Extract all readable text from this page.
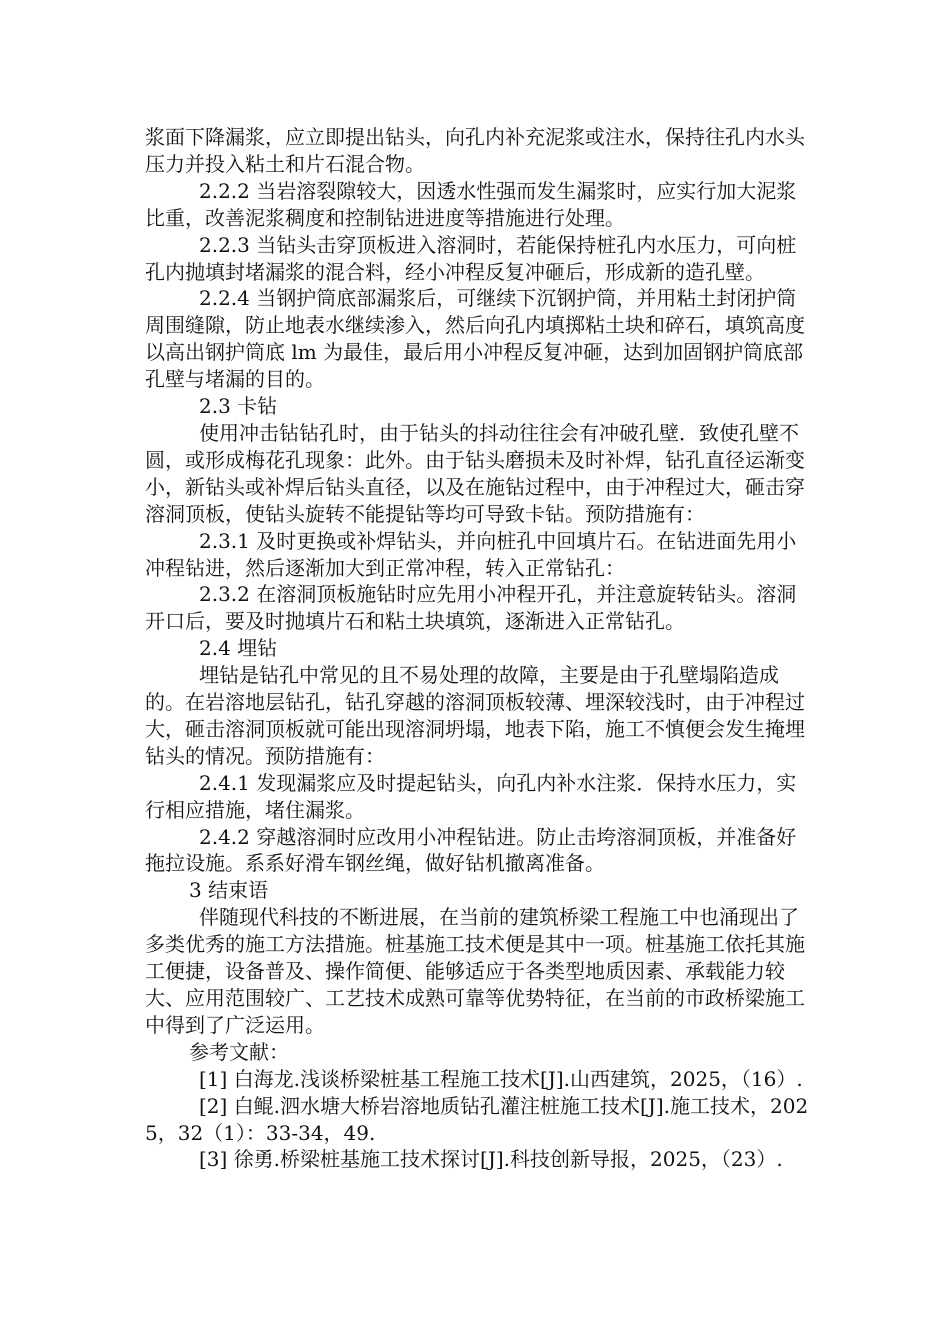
浆面下降漏浆，应立即提出钻头，向孔内补充泥浆或注水，保持往孔内水头压力并投入粘土和片石混合物。

2.2.2 当岩溶裂隙较大，因透水性强而发生漏浆时，应实行加大泥浆比重，改善泥浆稠度和控制钻进进度等措施进行处理。

2.2.3 当钻头击穿顶板进入溶洞时，若能保持桩孔内水压力，可向桩孔内抛填封堵漏浆的混合料，经小冲程反复冲砸后，形成新的造孔壁。

2.2.4 当钢护筒底部漏浆后，可继续下沉钢护筒，并用粘土封闭护筒周围缝隙，防止地表水继续渗入，然后向孔内填掷粘土块和碎石，填筑高度以高出钢护筒底 lm 为最佳，最后用小冲程反复冲砸，达到加固钢护筒底部孔壁与堵漏的目的。

2.3 卡钻

使用冲击钻钻孔时，由于钻头的抖动往往会有冲破孔壁．致使孔壁不圆，或形成梅花孔现象：此外。由于钻头磨损未及时补焊，钻孔直径运渐变小，新钻头或补焊后钻头直径，以及在施钻过程中，由于冲程过大，砸击穿溶洞顶板，使钻头旋转不能提钻等均可导致卡钻。预防措施有：

2.3.1 及时更换或补焊钻头，并向桩孔中回填片石。在钻进面先用小冲程钻进，然后逐渐加大到正常冲程，转入正常钻孔：

2.3.2 在溶洞顶板施钻时应先用小冲程开孔，并注意旋转钻头。溶洞开口后，要及时抛填片石和粘土块填筑，逐渐进入正常钻孔。

2.4 埋钻

埋钻是钻孔中常见的且不易处理的故障，主要是由于孔壁塌陷造成的。在岩溶地层钻孔，钻孔穿越的溶洞顶板较薄、埋深较浅时，由于冲程过大，砸击溶洞顶板就可能出现溶洞坍塌，地表下陷，施工不慎便会发生掩埋钻头的情况。预防措施有：

2.4.1 发现漏浆应及时提起钻头，向孔内补水注浆．保持水压力，实行相应措施，堵住漏浆。

2.4.2 穿越溶洞时应改用小冲程钻进。防止击垮溶洞顶板，并准备好拖拉设施。系系好滑车钢丝绳，做好钻机撤离准备。

3 结束语

伴随现代科技的不断进展，在当前的建筑桥梁工程施工中也涌现出了多类优秀的施工方法措施。桩基施工技术便是其中一项。桩基施工依托其施工便捷，设备普及、操作简便、能够适应于各类型地质因素、承载能力较大、应用范围较广、工艺技术成熟可靠等优势特征，在当前的市政桥梁施工中得到了广泛运用。

参考文献：

[1] 白海龙.浅谈桥梁桩基工程施工技术[J].山西建筑，2025，（16）.

[2] 白鲲.泗水塘大桥岩溶地质钻孔灌注桩施工技术[J].施工技术，2025，32（1）：33-34，49.

[3] 徐勇.桥梁桩基施工技术探讨[J].科技创新导报，2025，（23）.
